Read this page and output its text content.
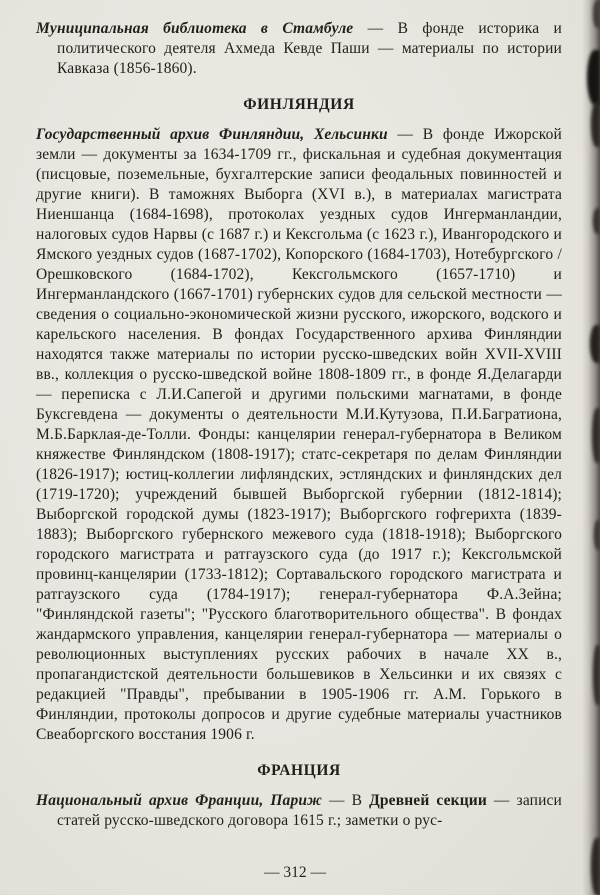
Муниципальная библиотека в Стамбуле — В фонде историка и политического деятеля Ахмеда Кевде Паши — материалы по истории Кавказа (1856-1860).

ФИНЛЯНДИЯ

Государственный архив Финляндии, Хельсинки — В фонде Ижорской земли — документы за 1634-1709 гг., фискальная и судебная документация (писцовые, поземельные, бухгалтерские записи феодальных повинностей и другие книги). В таможнях Выборга (XVI в.), в материалах магистрата Ниеншанца (1684-1698), протоколах уездных судов Ингерманландии, налоговых судов Нарвы (с 1687 г.) и Кексгольма (с 1623 г.), Ивангородского и Ямского уездных судов (1687-1702), Копорского (1684-1703), Нотебургского / Орешковского (1684-1702), Кексгольмского (1657-1710) и Ингерманландского (1667-1701) губернских судов для сельской местности — сведения о социально-экономической жизни русского, ижорского, водского и карельского населения. В фондах Государственного архива Финляндии находятся также материалы по истории русско-шведских войн XVII-XVIII вв., коллекция о русско-шведской войне 1808-1809 гг., в фонде Я.Делагарди — переписка с Л.И.Сапегой и другими польскими магнатами, в фонде Буксгевдена — документы о деятельности М.И.Кутузова, П.И.Багратиона, М.Б.Барклая-де-Толли. Фонды: канцелярии генерал-губернатора в Великом княжестве Финляндском (1808-1917); статс-секретаря по делам Финляндии (1826-1917); юстиц-коллегии лифляндских, эстляндских и финляндских дел (1719-1720); учреждений бывшей Выборгской губернии (1812-1814); Выборгской городской думы (1823-1917); Выборгского гофгерихта (1839-1883); Выборгского губернского межевого суда (1818-1918); Выборгского городского магистрата и ратгаузского суда (до 1917 г.); Кексгольмской провинц-канцелярии (1733-1812); Сортавальского городского магистрата и ратгаузского суда (1784-1917); генерал-губернатора Ф.А.Зейна; "Финляндской газеты"; "Русского благотворительного общества". В фондах жандармского управления, канцелярии генерал-губернатора — материалы о революционных выступлениях русских рабочих в начале XX в., пропагандистской деятельности большевиков в Хельсинки и их связях с редакцией "Правды", пребывании в 1905-1906 гг. А.М. Горького в Финляндии, протоколы допросов и другие судебные материалы участников Свеаборгского восстания 1906 г.

ФРАНЦИЯ

Национальный архив Франции, Париж — В Древней секции — записи статей русско-шведского договора 1615 г.; заметки о рус-

— 312 —
